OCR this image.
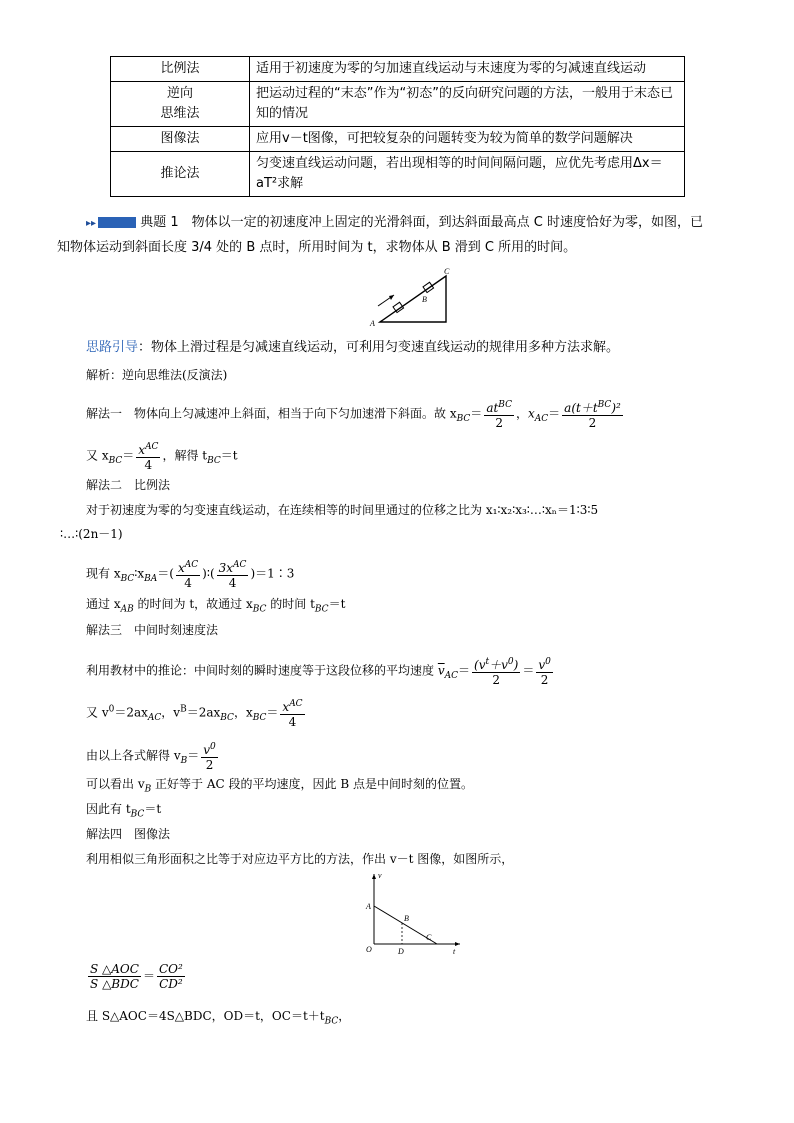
比例法	适用于初速度为零的匀加速直线运动与末速度为零的匀减速直线运动
逆向
思维法	把运动过程的“末态”作为“初态”的反向研究问题的方法，一般用于末态已知的情况
图像法	应用v－t图像，可把较复杂的问题转变为较为简单的数学问题解决
推论法	匀变速直线运动问题，若出现相等的时间间隔问题，应优先考虑用Δx＝aT²求解
▸▸	典题 1　 物体以一定的初速度冲上固定的光滑斜面，到达斜面最高点 C 时速度恰好为零，如图，已
知物体运动到斜面长度 3/4 处的 B 点时，所用时间为 t，求物体从 B 滑到 C 所用的时间。
A
B
C
思路引导：物体上滑过程是匀减速直线运动，可利用匀变速直线运动的规律用多种方法求解。
解析：逆向思维法(反演法)
解法一　 物体向上匀减速冲上斜面，相当于向下匀加速滑下斜面。故 $x_{BC}= \frac{at^{BC}}{2}$ ，$x_{AC}= \frac{a(t+t^{BC})^2}{2}$
又 $x_{BC}= \frac{x^{AC}}{4}$ ，解得 $t_{BC}=t$
解法二　比例法
对于初速度为零的匀变速直线运动，在连续相等的时间里通过的位移之比为 x₁∶x₂∶x₃∶…∶xₙ＝1∶3∶5
∶…∶(2n－1)
现有 $x_{BC}∶x_{BA}=( \frac{x^{AC}}{4}$ )∶( $\frac{3x^{AC}}{4}$ )＝1∶3
通过 $x_{AB}$ 的时间为 t，故通过 $x_{BC}$ 的时间 $t_{BC}=t$
解法三　中间时刻速度法
利用教材中的推论：中间时刻的瞬时速度等于这段位移的平均速度 $\overline{v}_{AC}= \frac{(v^t+v^0)}{2} = \frac{v^0}{2}$
又 $v^0=2ax_{AC}$，$v^B=2ax_{BC}$，$x_{BC}= \frac{x^{AC}}{4}$
由以上各式解得 $v_B= \frac{v^0}{2}$
可以看出 $v_B$ 正好等于 AC 段的平均速度，因此 B 点是中间时刻的位置。
因此有 $t_{BC}=t$
解法四　图像法
利用相似三角形面积之比等于对应边平方比的方法，作出 v－t 图像，如图所示，
v
t
O
A
B
C
D
$\frac{\text{S △AOC}}{\text{S △BDC}} = \frac{\text{CO²}}{\text{CD²}}$
且 S△AOC＝4S△BDC，OD＝t，$OC=t+t_{BC}$，
